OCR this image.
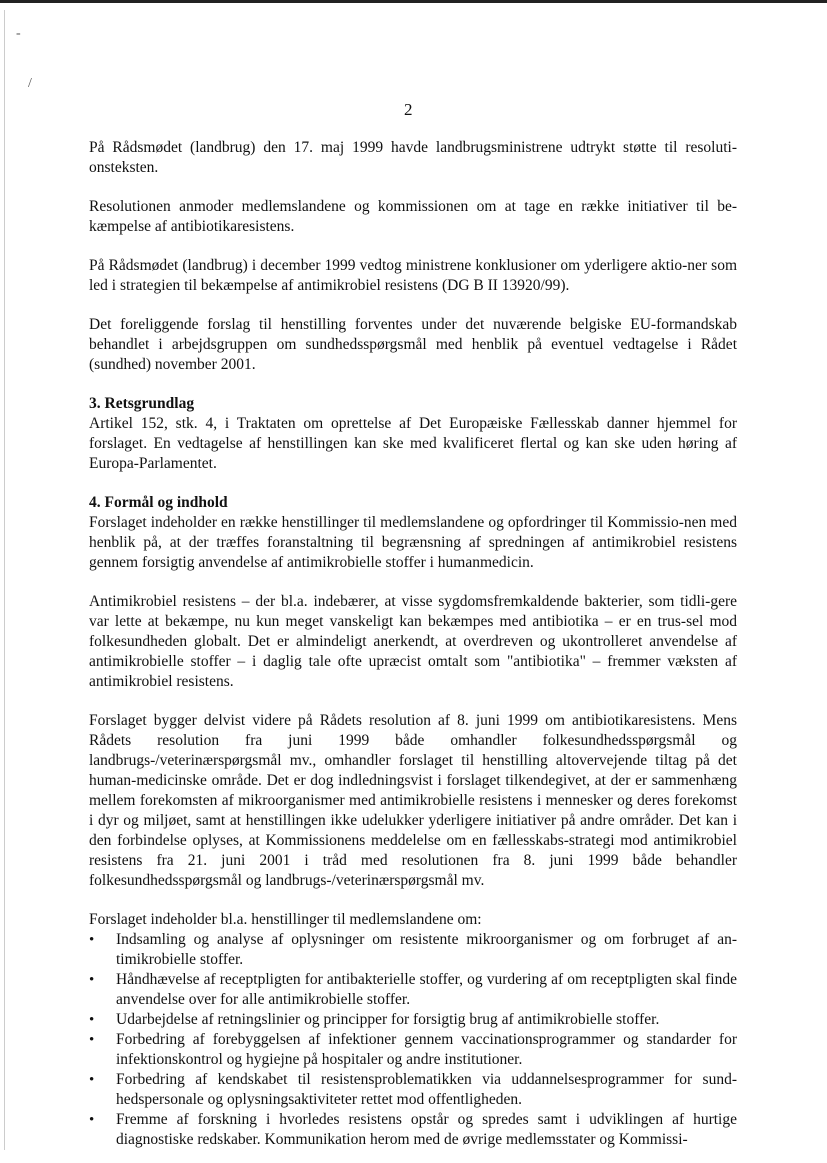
-
/
2

På Rådsmødet (landbrug) den 17. maj 1999 havde landbrugsministrene udtrykt støtte til resoluti-onsteksten.

Resolutionen anmoder medlemslandene og kommissionen om at tage en række initiativer til be-kæmpelse af antibiotikaresistens.

På Rådsmødet (landbrug) i december 1999 vedtog ministrene konklusioner om yderligere aktio-ner som led i strategien til bekæmpelse af antimikrobiel resistens (DG B II 13920/99).

Det foreliggende forslag til henstilling forventes under det nuværende belgiske EU-formandskab behandlet i arbejdsgruppen om sundhedsspørgsmål med henblik på eventuel vedtagelse i Rådet (sundhed) november 2001.

3. Retsgrundlag

Artikel 152, stk. 4, i Traktaten om oprettelse af Det Europæiske Fællesskab danner hjemmel for forslaget. En vedtagelse af henstillingen kan ske med kvalificeret flertal og kan ske uden høring af Europa-Parlamentet.

4. Formål og indhold

Forslaget indeholder en række henstillinger til medlemslandene og opfordringer til Kommissio-nen med henblik på, at der træffes foranstaltning til begrænsning af spredningen af antimikrobiel resistens gennem forsigtig anvendelse af antimikrobielle stoffer i humanmedicin.

Antimikrobiel resistens – der bl.a. indebærer, at visse sygdomsfremkaldende bakterier, som tidli-gere var lette at bekæmpe, nu kun meget vanskeligt kan bekæmpes med antibiotika – er en trus-sel mod folkesundheden globalt. Det er almindeligt anerkendt, at overdreven og ukontrolleret anvendelse af antimikrobielle stoffer – i daglig tale ofte upræcist omtalt som "antibiotika" – fremmer væksten af antimikrobiel resistens.

Forslaget bygger delvist videre på Rådets resolution af 8. juni 1999 om antibiotikaresistens. Mens Rådets resolution fra juni 1999 både omhandler folkesundhedsspørgsmål og landbrugs-/veterinærspørgsmål mv., omhandler forslaget til henstilling altovervejende tiltag på det human-medicinske område. Det er dog indledningsvist i forslaget tilkendegivet, at der er sammenhæng mellem forekomsten af mikroorganismer med antimikrobielle resistens i mennesker og deres forekomst i dyr og miljøet, samt at henstillingen ikke udelukker yderligere initiativer på andre områder. Det kan i den forbindelse oplyses, at Kommissionens meddelelse om en fællesskabs-strategi mod antimikrobiel resistens fra 21. juni 2001 i tråd med resolutionen fra 8. juni 1999 både behandler folkesundhedsspørgsmål og landbrugs-/veterinærspørgsmål mv.

Forslaget indeholder bl.a. henstillinger til medlemslandene om:

• Indsamling og analyse af oplysninger om resistente mikroorganismer og om forbruget af an-timikrobielle stoffer.
• Håndhævelse af receptpligten for antibakterielle stoffer, og vurdering af om receptpligten skal finde anvendelse over for alle antimikrobielle stoffer.
• Udarbejdelse af retningslinier og principper for forsigtig brug af antimikrobielle stoffer.
• Forbedring af forebyggelsen af infektioner gennem vaccinationsprogrammer og standarder for infektionskontrol og hygiejne på hospitaler og andre institutioner.
• Forbedring af kendskabet til resistensproblematikken via uddannelsesprogrammer for sund-hedspersonale og oplysningsaktiviteter rettet mod offentligheden.
• Fremme af forskning i hvorledes resistens opstår og spredes samt i udviklingen af hurtige diagnostiske redskaber. Kommunikation herom med de øvrige medlemsstater og Kommissi-
